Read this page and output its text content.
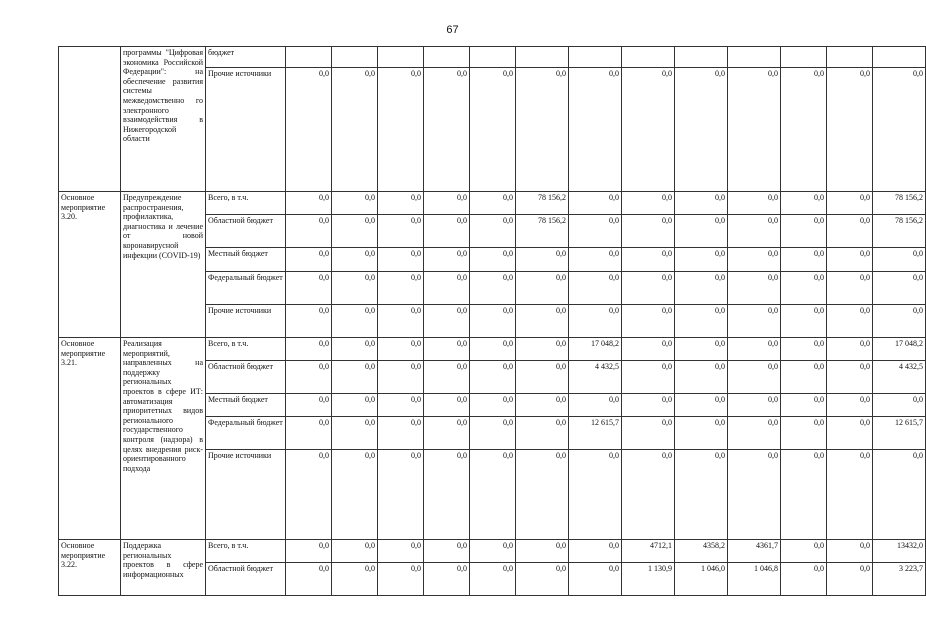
67
	программы "Цифровая экономика Российской Федерации": на обеспечение развития системы межведомственно го электронного взаимодействия в Нижегородской области	бюджет													
		Прочие источники	0,0	0,0	0,0	0,0	0,0	0,0	0,0	0,0	0,0	0,0	0,0	0,0	0,0
Основное мероприятие 3.20.	Предупреждение распространения, профилактика, диагностика и лечение от новой коронавирусной инфекции (COVID-19)	Всего, в т.ч.	0,0	0,0	0,0	0,0	0,0	78 156,2	0,0	0,0	0,0	0,0	0,0	0,0	78 156,2
		Областной бюджет	0,0	0,0	0,0	0,0	0,0	78 156,2	0,0	0,0	0,0	0,0	0,0	0,0	78 156,2
		Местный бюджет	0,0	0,0	0,0	0,0	0,0	0,0	0,0	0,0	0,0	0,0	0,0	0,0	0,0
		Федеральный бюджет	0,0	0,0	0,0	0,0	0,0	0,0	0,0	0,0	0,0	0,0	0,0	0,0	0,0
		Прочие источники	0,0	0,0	0,0	0,0	0,0	0,0	0,0	0,0	0,0	0,0	0,0	0,0	0,0
Основное мероприятие 3.21.	Реализация мероприятий, направленных на поддержку региональных проектов в сфере ИТ: автоматизация приоритетных видов регионального государственного контроля (надзора) в целях внедрения риск-ориентированного подхода	Всего, в т.ч.	0,0	0,0	0,0	0,0	0,0	0,0	17 048,2	0,0	0,0	0,0	0,0	0,0	17 048,2
		Областной бюджет	0,0	0,0	0,0	0,0	0,0	0,0	4 432,5	0,0	0,0	0,0	0,0	0,0	4 432,5
		Местный бюджет	0,0	0,0	0,0	0,0	0,0	0,0	0,0	0,0	0,0	0,0	0,0	0,0	0,0
		Федеральный бюджет	0,0	0,0	0,0	0,0	0,0	0,0	12 615,7	0,0	0,0	0,0	0,0	0,0	12 615,7
		Прочие источники	0,0	0,0	0,0	0,0	0,0	0,0	0,0	0,0	0,0	0,0	0,0	0,0	0,0
Основное мероприятие 3.22.	Поддержка региональных проектов в сфере информационных	Всего, в т.ч.	0,0	0,0	0,0	0,0	0,0	0,0	0,0	4712,1	4358,2	4361,7	0,0	0,0	13432,0
		Областной бюджет	0,0	0,0	0,0	0,0	0,0	0,0	0,0	1 130,9	1 046,0	1 046,8	0,0	0,0	3 223,7
